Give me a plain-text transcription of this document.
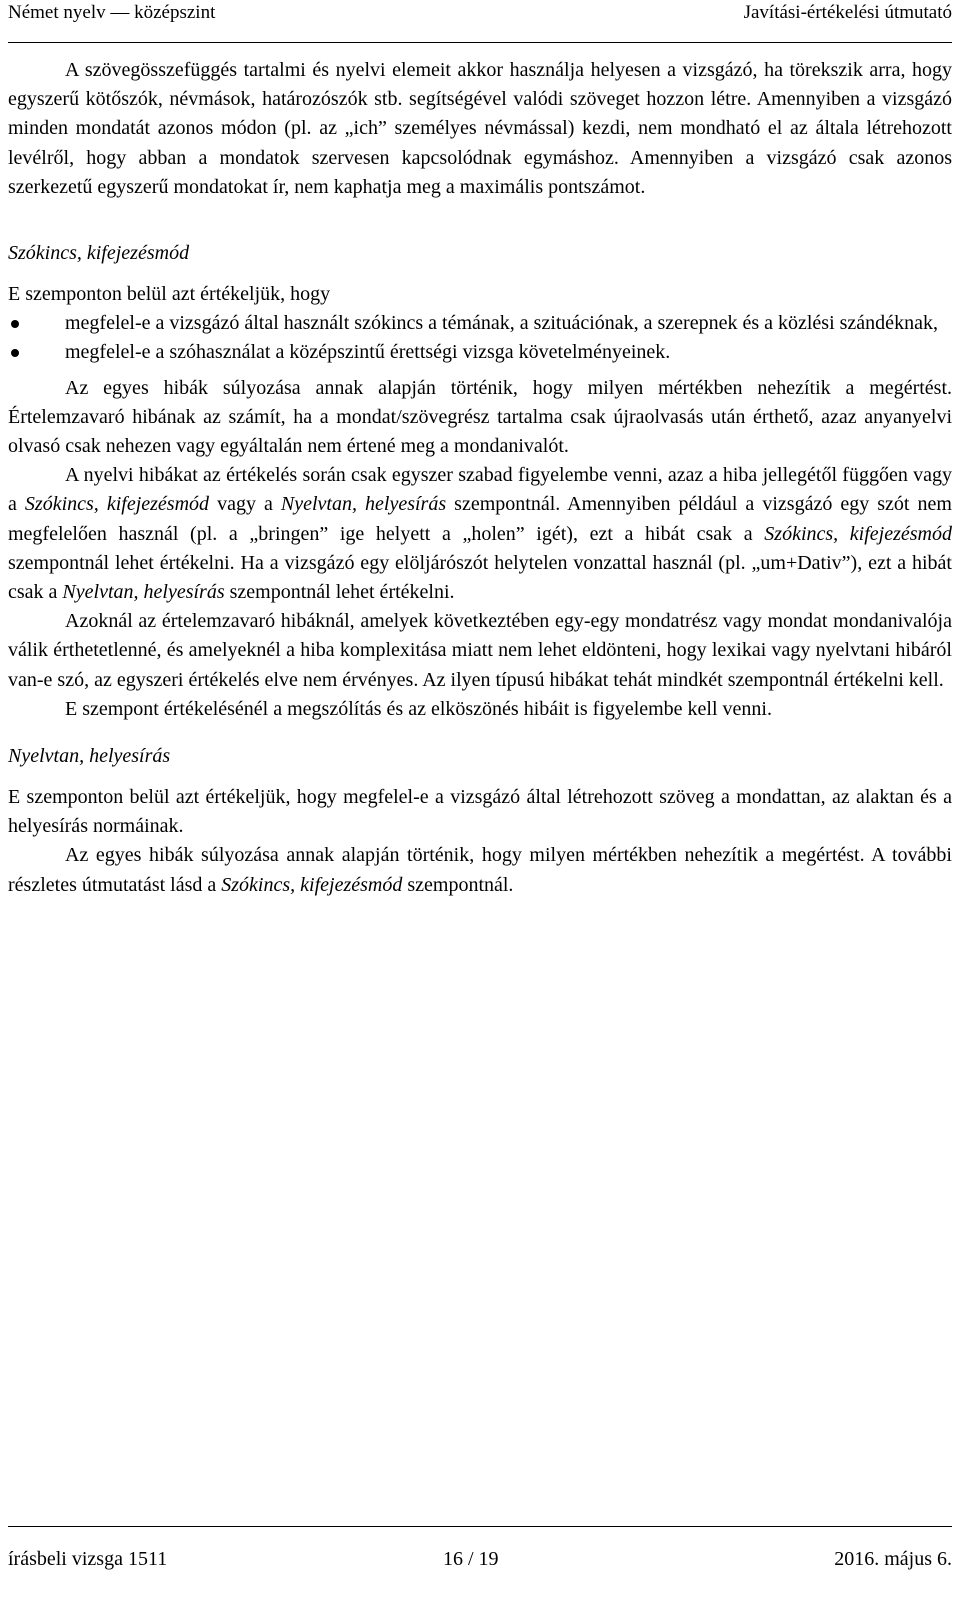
Német nyelv — középszint	Javítási-értékelési útmutató

A szövegösszefüggés tartalmi és nyelvi elemeit akkor használja helyesen a vizsgázó, ha törekszik arra, hogy egyszerű kötőszók, névmások, határozószók stb. segítségével valódi szöveget hozzon létre. Amennyiben a vizsgázó minden mondatát azonos módon (pl. az „ich” személyes névmással) kezdi, nem mondható el az általa létrehozott levélről, hogy abban a mondatok szervesen kapcsolódnak egymáshoz. Amennyiben a vizsgázó csak azonos szerkezetű egyszerű mondatokat ír, nem kaphatja meg a maximális pontszámot.

Szókincs, kifejezésmód

E szemponton belül azt értékeljük, hogy

megfelel-e a vizsgázó által használt szókincs a témának, a szituációnak, a szerepnek és a közlési szándéknak,
megfelel-e a szóhasználat a középszintű érettségi vizsga követelményeinek.

Az egyes hibák súlyozása annak alapján történik, hogy milyen mértékben nehezítik a megértést. Értelemzavaró hibának az számít, ha a mondat/szövegrész tartalma csak újraolvasás után érthető, azaz anyanyelvi olvasó csak nehezen vagy egyáltalán nem értené meg a mondanivalót.

A nyelvi hibákat az értékelés során csak egyszer szabad figyelembe venni, azaz a hiba jellegétől függően vagy a Szókincs, kifejezésmód vagy a Nyelvtan, helyesírás szempontnál. Amennyiben például a vizsgázó egy szót nem megfelelően használ (pl. a „bringen” ige helyett a „holen” igét), ezt a hibát csak a Szókincs, kifejezésmód szempontnál lehet értékelni. Ha a vizsgázó egy elöljárószót helytelen vonzattal használ (pl. „um+Dativ”), ezt a hibát csak a Nyelvtan, helyesírás szempontnál lehet értékelni.

Azoknál az értelemzavaró hibáknál, amelyek következtében egy-egy mondatrész vagy mondat mondanivalója válik érthetetlenné, és amelyeknél a hiba komplexitása miatt nem lehet eldönteni, hogy lexikai vagy nyelvtani hibáról van-e szó, az egyszeri értékelés elve nem érvényes. Az ilyen típusú hibákat tehát mindkét szempontnál értékelni kell.

E szempont értékelésénél a megszólítás és az elköszönés hibáit is figyelembe kell venni.

Nyelvtan, helyesírás

E szemponton belül azt értékeljük, hogy megfelel-e a vizsgázó által létrehozott szöveg a mondattan, az alaktan és a helyesírás normáinak.

Az egyes hibák súlyozása annak alapján történik, hogy milyen mértékben nehezítik a megértést. A további részletes útmutatást lásd a Szókincs, kifejezésmód szempontnál.

írásbeli vizsga 1511	16 / 19	2016. május 6.
